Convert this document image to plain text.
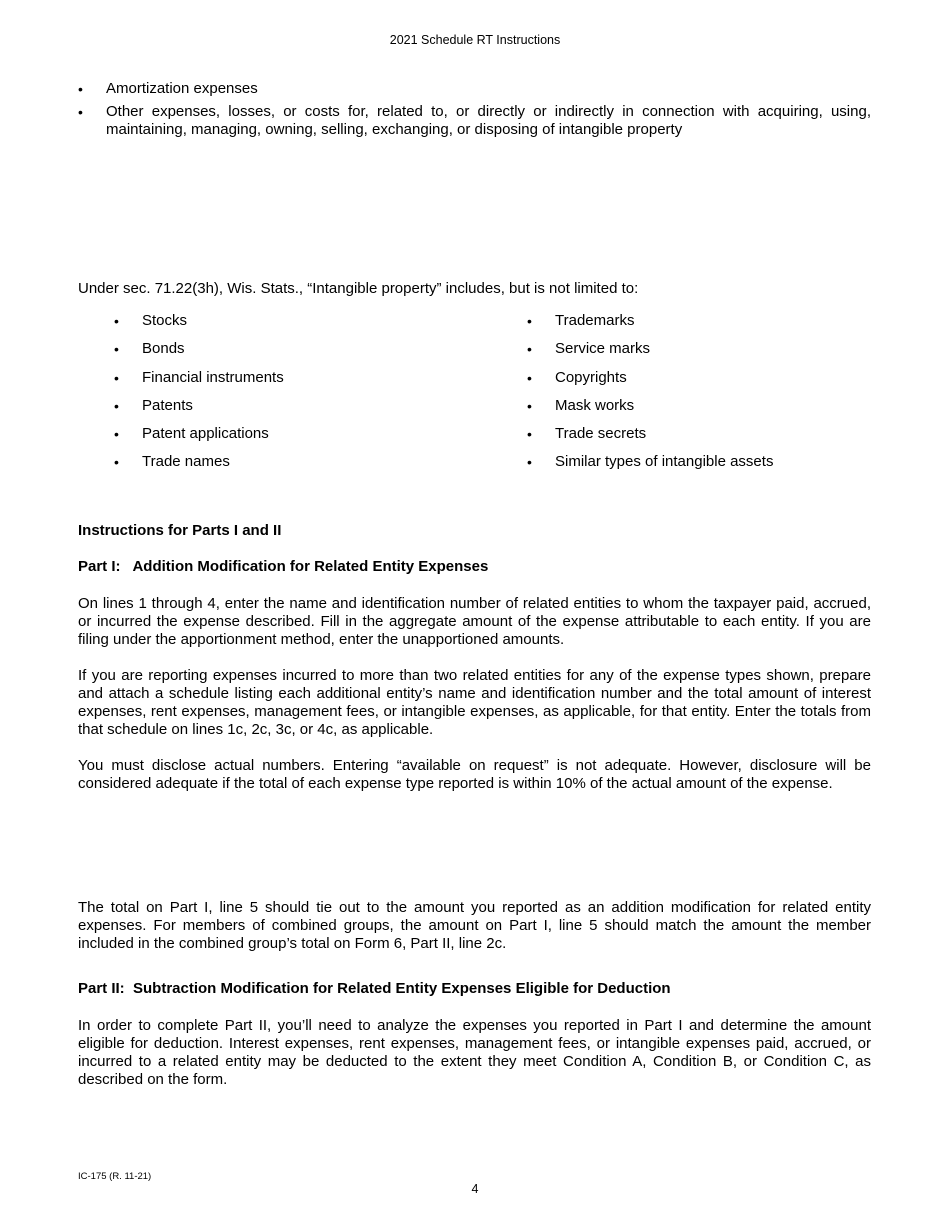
2021 Schedule RT Instructions
• Amortization expenses
• Other expenses, losses, or costs for, related to, or directly or indirectly in connection with acquiring, using, maintaining, managing, owning, selling, exchanging, or disposing of intangible property

Under sec. 71.22(3h), Wis. Stats., “Intangible property” includes, but is not limited to:

• Stocks
• Bonds
• Financial instruments
• Patents
• Patent applications
• Trade names
• Trademarks
• Service marks
• Copyrights
• Mask works
• Trade secrets
• Similar types of intangible assets

Instructions for Parts I and II

Part I:   Addition Modification for Related Entity Expenses

On lines 1 through 4, enter the name and identification number of related entities to whom the taxpayer paid, accrued, or incurred the expense described. Fill in the aggregate amount of the expense attributable to each entity. If you are filing under the apportionment method, enter the unapportioned amounts.

If you are reporting expenses incurred to more than two related entities for any of the expense types shown, prepare and attach a schedule listing each additional entity’s name and identification number and the total amount of interest expenses, rent expenses, management fees, or intangible expenses, as applicable, for that entity. Enter the totals from that schedule on lines 1c, 2c, 3c, or 4c, as applicable.

You must disclose actual numbers. Entering “available on request” is not adequate. However, disclosure will be considered adequate if the total of each expense type reported is within 10% of the actual amount of the expense.

The total on Part I, line 5 should tie out to the amount you reported as an addition modification for related entity expenses. For members of combined groups, the amount on Part I, line 5 should match the amount the member included in the combined group’s total on Form 6, Part II, line 2c.

Part II:  Subtraction Modification for Related Entity Expenses Eligible for Deduction

In order to complete Part II, you’ll need to analyze the expenses you reported in Part I and determine the amount eligible for deduction. Interest expenses, rent expenses, management fees, or intangible expenses paid, accrued, or incurred to a related entity may be deducted to the extent they meet Condition A, Condition B, or Condition C, as described on the form.

IC-175 (R. 11-21)
4
